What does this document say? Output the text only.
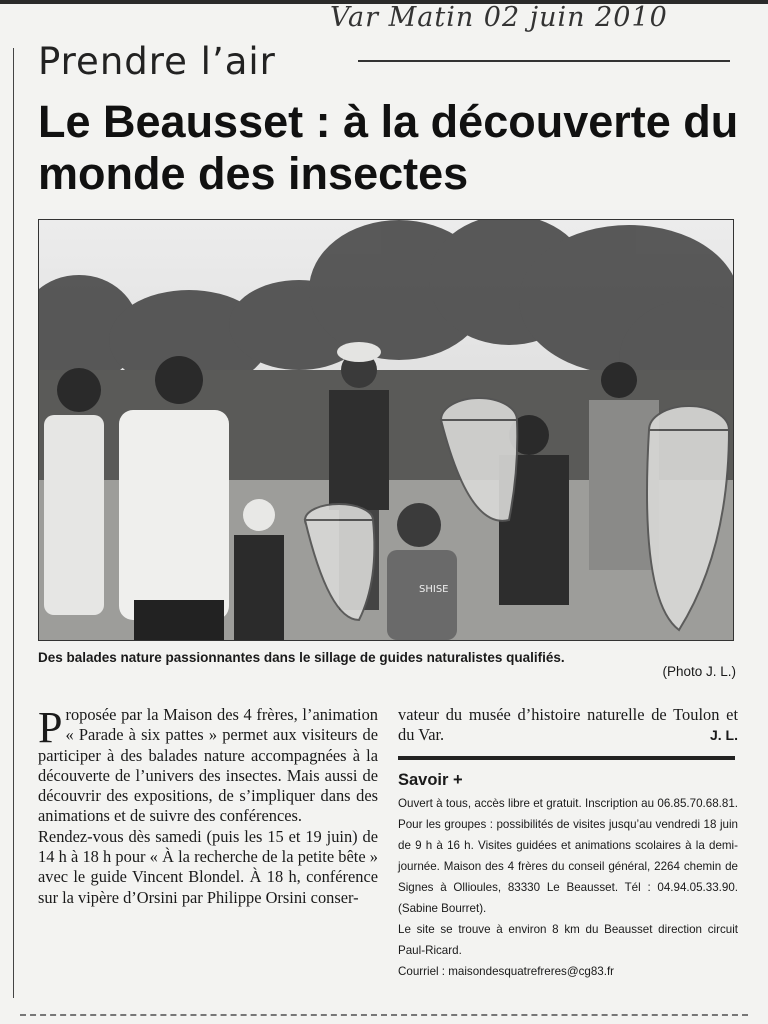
Var Matin 02 juin 2010
Prendre l’air
Le Beausset : à la découverte du monde des insectes
SHISE
Des balades nature passionnantes dans le sillage de guides naturalistes qualifiés.
(Photo J. L.)

Proposée par la Maison des 4 frères, l’animation « Parade à six pattes » permet aux visiteurs de participer à des balades nature accompagnées à la découverte de l’univers des insectes. Mais aussi de découvrir des expositions, de s’impliquer dans des animations et de suivre des conférences.

Rendez-vous dès samedi (puis les 15 et 19 juin) de 14 h à 18 h pour « À la recherche de la petite bête » avec le guide Vincent Blondel. À 18 h, conférence sur la vipère d’Orsini par Philippe Orsini conser-

vateur du musée d’histoire naturelle de Toulon et du Var.	J. L.

Savoir +

Ouvert à tous, accès libre et gratuit. Inscription au 06.85.70.68.81. Pour les groupes : possibilités de visites jusqu’au vendredi 18 juin de 9 h à 16 h. Visites guidées et animations scolaires à la demi-journée. Maison des 4 frères du conseil général, 2264 chemin de Signes à Ollioules, 83330 Le Beausset. Tél : 04.94.05.33.90. (Sabine Bourret).

Le site se trouve à environ 8 km du Beausset direction circuit Paul-Ricard.

Courriel : maisondesquatrefreres@cg83.fr
